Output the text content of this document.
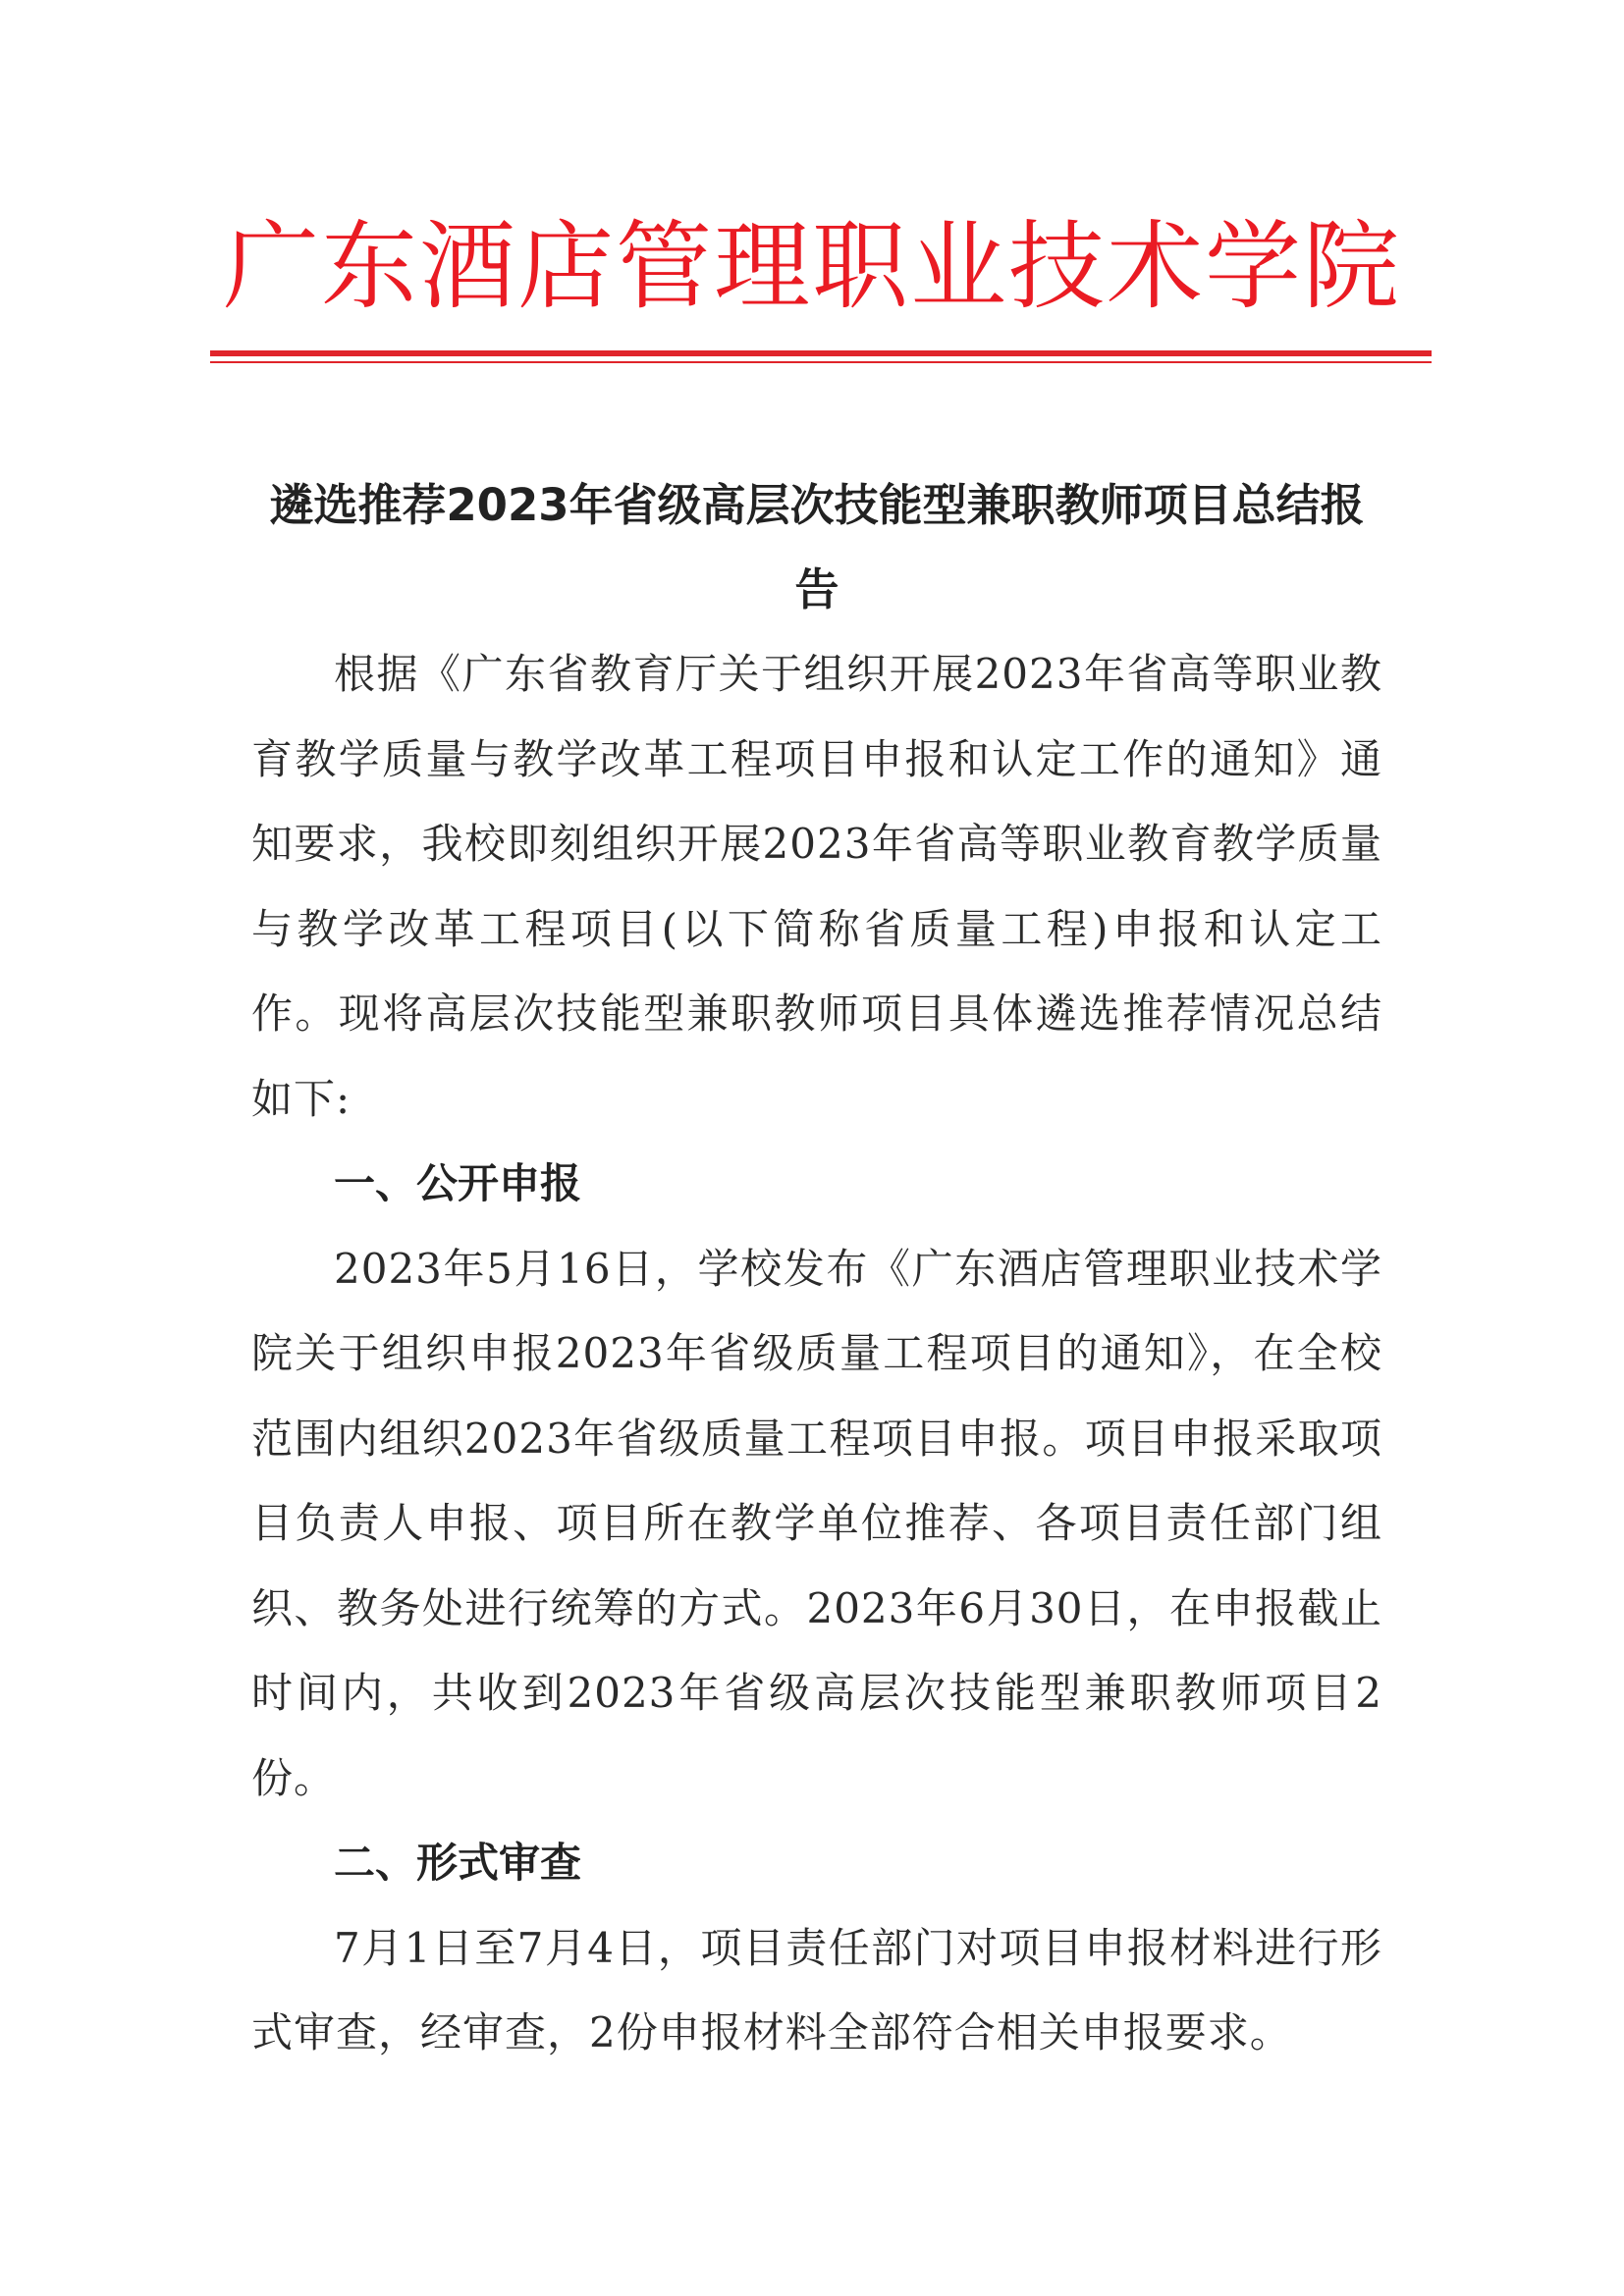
广东酒店管理职业技术学院
遴选推荐2023年省级高层次技能型兼职教师项目总结报告

根据《广东省教育厅关于组织开展2023年省高等职业教育教学质量与教学改革工程项目申报和认定工作的通知》通知要求，我校即刻组织开展2023年省高等职业教育教学质量与教学改革工程项目(以下简称省质量工程)申报和认定工作。现将高层次技能型兼职教师项目具体遴选推荐情况总结如下:

一、公开申报

2023年5月16日，学校发布《广东酒店管理职业技术学院关于组织申报2023年省级质量工程项目的通知》，在全校范围内组织2023年省级质量工程项目申报。项目申报采取项目负责人申报、项目所在教学单位推荐、各项目责任部门组织、教务处进行统筹的方式。2023年6月30日，在申报截止时间内，共收到2023年省级高层次技能型兼职教师项目2份。

二、形式审查

7月1日至7月4日，项目责任部门对项目申报材料进行形式审查，经审查，2份申报材料全部符合相关申报要求。
